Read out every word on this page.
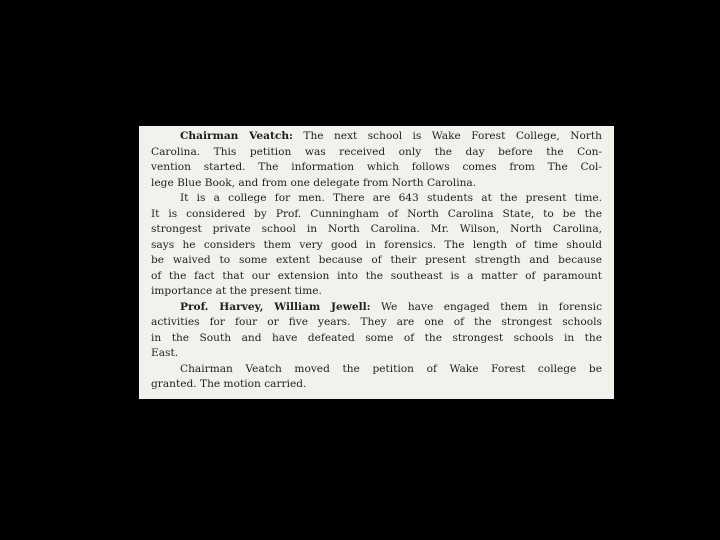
Chairman Veatch: The next school is Wake Forest College, North
Carolina. This petition was received only the day before the Con-
vention started. The information which follows comes from The Col-
lege Blue Book, and from one delegate from North Carolina.
It is a college for men. There are 643 students at the present time.
It is considered by Prof. Cunningham of North Carolina State, to be the
strongest private school in North Carolina. Mr. Wilson, North Carolina,
says he considers them very good in forensics. The length of time should
be waived to some extent because of their present strength and because
of the fact that our extension into the southeast is a matter of paramount
importance at the present time.
Prof. Harvey, William Jewell: We have engaged them in forensic
activities for four or five years. They are one of the strongest schools
in the South and have defeated some of the strongest schools in the
East.
Chairman Veatch moved the petition of Wake Forest college be
granted. The motion carried.
